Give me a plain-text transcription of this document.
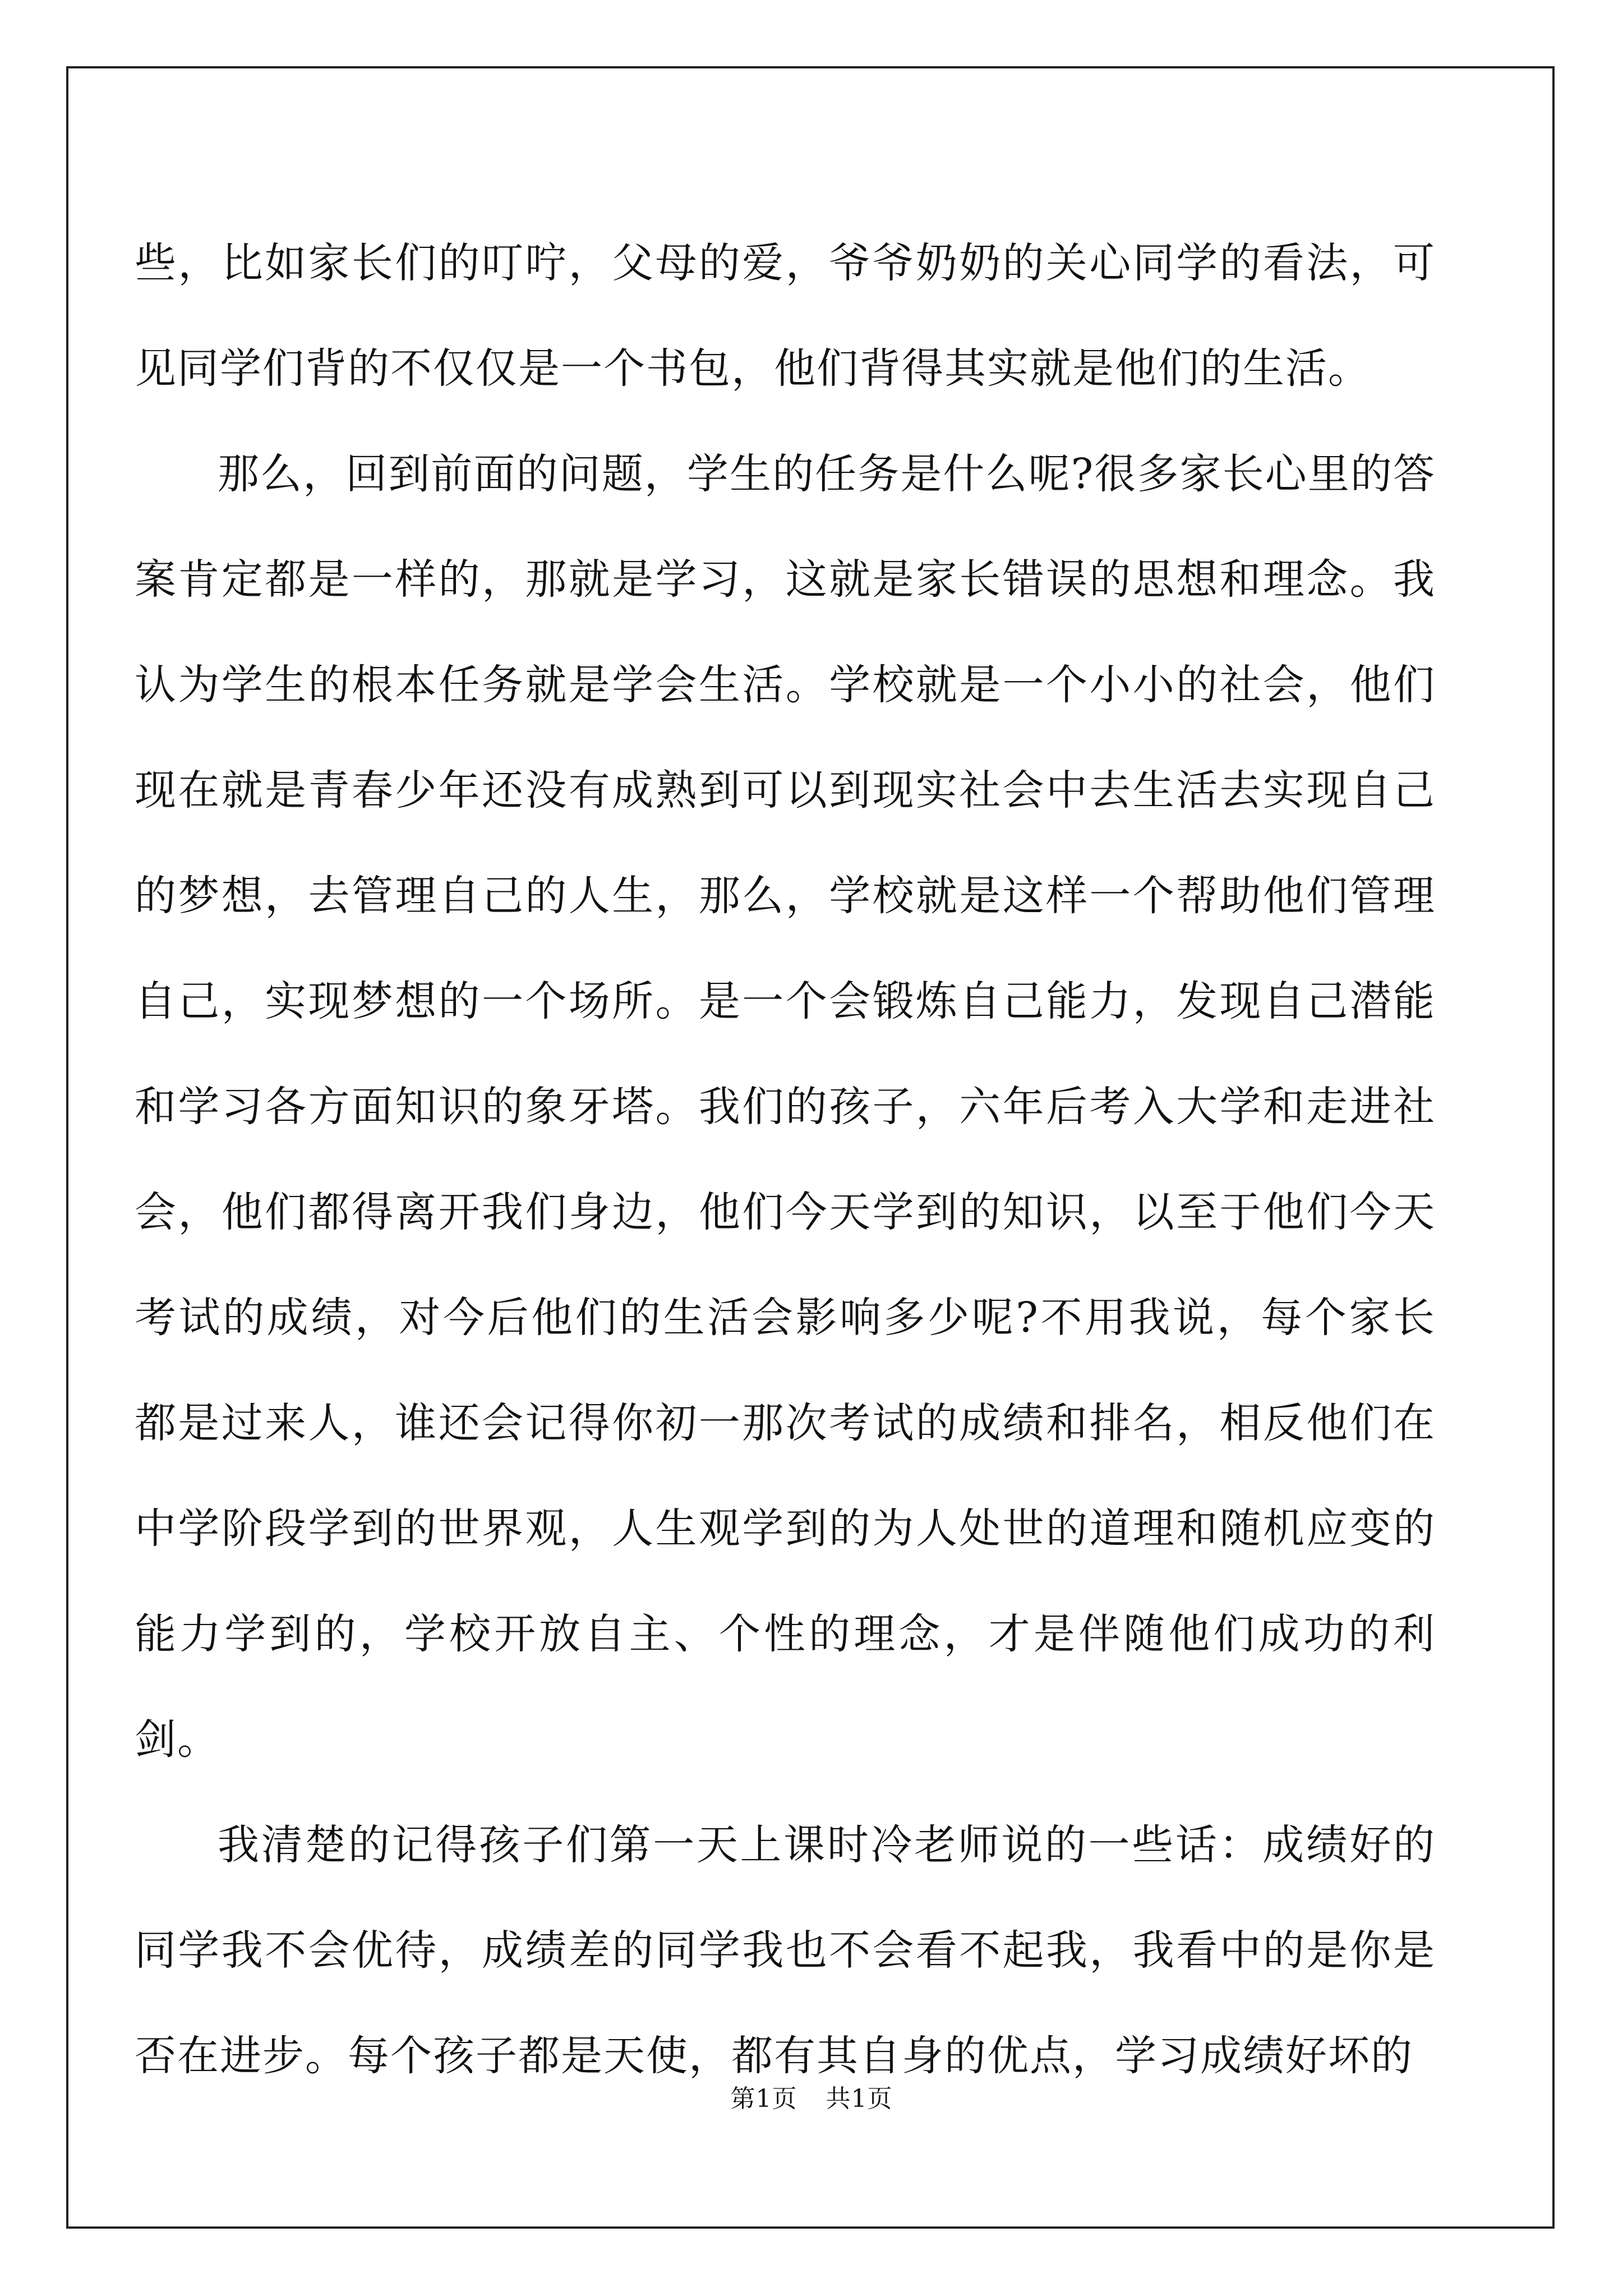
些，比如家长们的叮咛，父母的爱，爷爷奶奶的关心同学的看法，可见同学们背的不仅仅是一个书包，他们背得其实就是他们的生活。

那么，回到前面的问题，学生的任务是什么呢?很多家长心里的答案肯定都是一样的，那就是学习，这就是家长错误的思想和理念。我认为学生的根本任务就是学会生活。学校就是一个小小的社会，他们现在就是青春少年还没有成熟到可以到现实社会中去生活去实现自己的梦想，去管理自己的人生，那么，学校就是这样一个帮助他们管理自己，实现梦想的一个场所。是一个会锻炼自己能力，发现自己潜能和学习各方面知识的象牙塔。我们的孩子，六年后考入大学和走进社会，他们都得离开我们身边，他们今天学到的知识，以至于他们今天考试的成绩，对今后他们的生活会影响多少呢?不用我说，每个家长都是过来人，谁还会记得你初一那次考试的成绩和排名，相反他们在中学阶段学到的世界观，人生观学到的为人处世的道理和随机应变的能力学到的，学校开放自主、个性的理念，才是伴随他们成功的利剑。

我清楚的记得孩子们第一天上课时冷老师说的一些话：成绩好的同学我不会优待，成绩差的同学我也不会看不起我，我看中的是你是否在进步。每个孩子都是天使，都有其自身的优点，学习成绩好坏的

第1页 共1页
